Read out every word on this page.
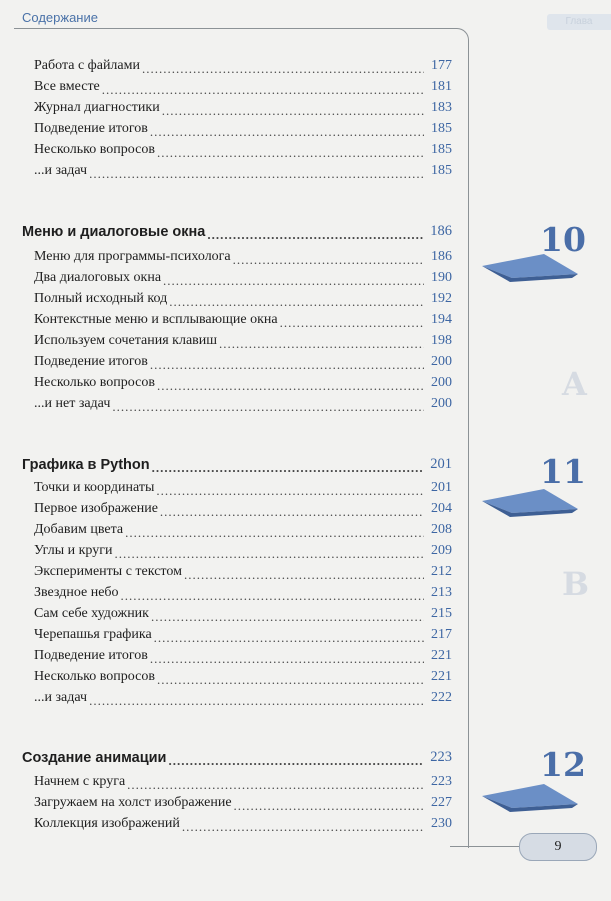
Содержание	Глава
A
B
Работа с файлами .....	177
Все вместе .....	181
Журнал диагностики .....	183
Подведение итогов .....	185
Несколько вопросов .....	185
...и задач .....	185
Меню и диалоговые окна .....	186
Меню для программы-психолога .....	186
Два диалоговых окна .....	190
Полный исходный код .....	192
Контекстные меню и всплывающие окна .....	194
Используем сочетания клавиш .....	198
Подведение итогов .....	200
Несколько вопросов .....	200
...и нет задач .....	200
Графика в Python .....	201
Точки и координаты .....	201
Первое изображение .....	204
Добавим цвета .....	208
Углы и круги .....	209
Эксперименты с текстом .....	212
Звездное небо .....	213
Сам себе художник .....	215
Черепашья графика .....	217
Подведение итогов .....	221
Несколько вопросов .....	221
...и задач .....	222
Создание анимации .....	223
Начнем с круга .....	223
Загружаем на холст изображение .....	227
Коллекция изображений .....	230
10
11
12
9
